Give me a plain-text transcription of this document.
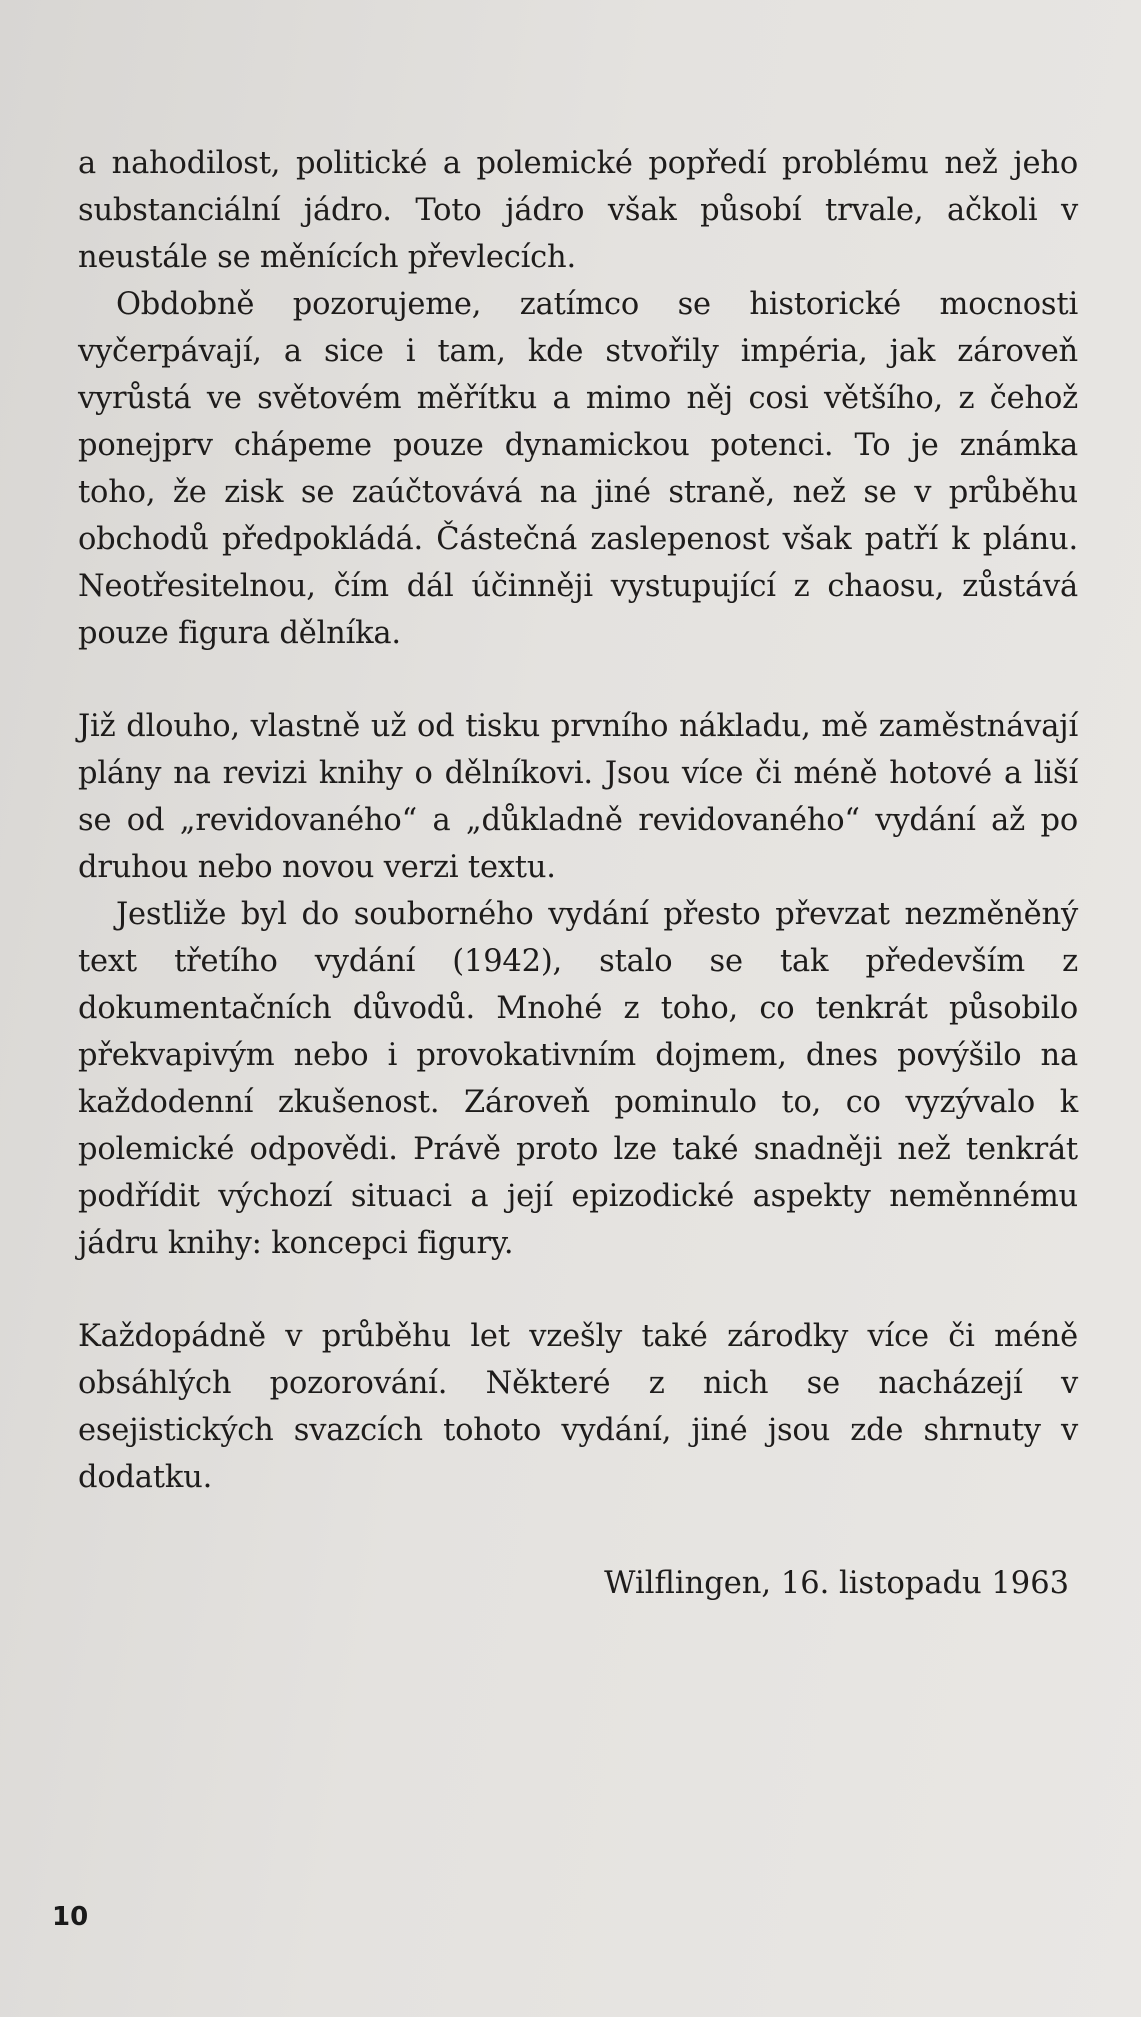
a nahodilost, politické a polemické popředí problému než jeho substanciální jádro. Toto jádro však působí trvale, ačkoli v neustále se měnících převlecích.

Obdobně pozorujeme, zatímco se historické mocnosti vyčerpávají, a sice i tam, kde stvořily impéria, jak zároveň vyrůstá ve světovém měřítku a mimo něj cosi většího, z čehož ponejprv chápeme pouze dynamickou potenci. To je známka toho, že zisk se zaúčtovává na jiné straně, než se v průběhu obchodů předpokládá. Částečná zaslepenost však patří k plánu. Neotřesitelnou, čím dál účinněji vystupující z chaosu, zůstává pouze figura dělníka.

Již dlouho, vlastně už od tisku prvního nákladu, mě zaměstnávají plány na revizi knihy o dělníkovi. Jsou více či méně hotové a liší se od „revidovaného“ a „důkladně revidovaného“ vydání až po druhou nebo novou verzi textu.

Jestliže byl do souborného vydání přesto převzat nezměněný text třetího vydání (1942), stalo se tak především z dokumentačních důvodů. Mnohé z toho, co tenkrát působilo překvapivým nebo i provokativním dojmem, dnes povýšilo na každodenní zkušenost. Zároveň pominulo to, co vyzývalo k polemické odpovědi. Právě proto lze také snadněji než tenkrát podřídit výchozí situaci a její epizodické aspekty neměnnému jádru knihy: koncepci figury.

Každopádně v průběhu let vzešly také zárodky více či méně obsáhlých pozorování. Některé z nich se nacházejí v esejistických svazcích tohoto vydání, jiné jsou zde shrnuty v dodatku.

Wilflingen, 16. listopadu 1963
10
